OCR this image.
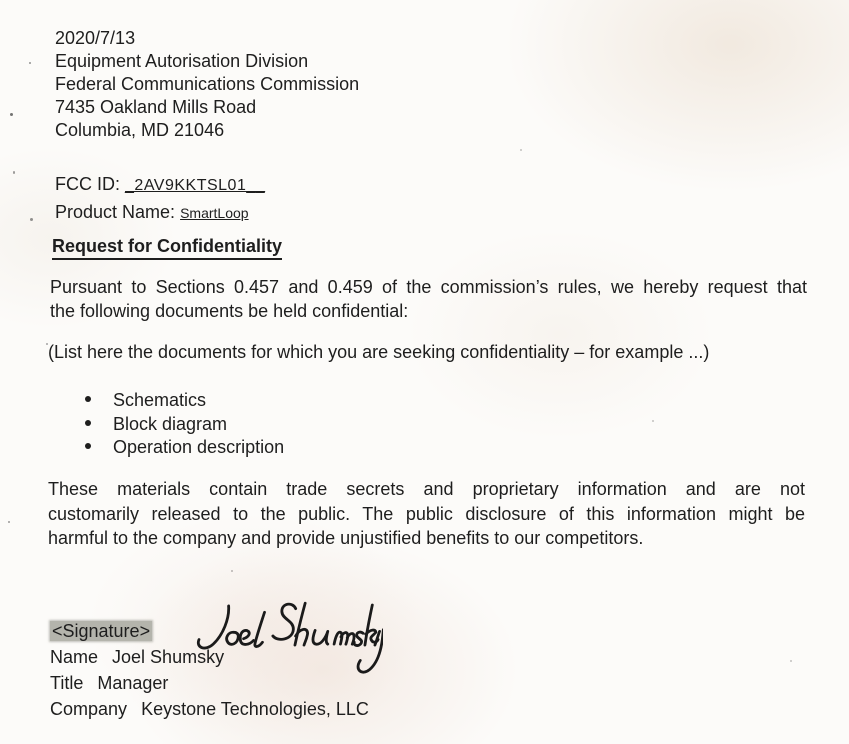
2020/7/13
Equipment Autorisation Division
Federal Communications Commission
7435 Oakland Mills Road
Columbia, MD 21046
FCC ID: _2AV9KKTSL01__
Product Name: SmartLoop
Request for Confidentiality
Pursuant to Sections 0.457 and 0.459 of the commission’s rules, we hereby request that
the following documents be held confidential:
(List here the documents for which you are seeking confidentiality – for example ...)
Schematics
Block diagram
Operation description
These materials contain trade secrets and proprietary information and are not
customarily released to the public. The public disclosure of this information might be
harmful to the company and provide unjustified benefits to our competitors.
<Signature>
Name Joel Shumsky
Title Manager
Company Keystone Technologies, LLC
